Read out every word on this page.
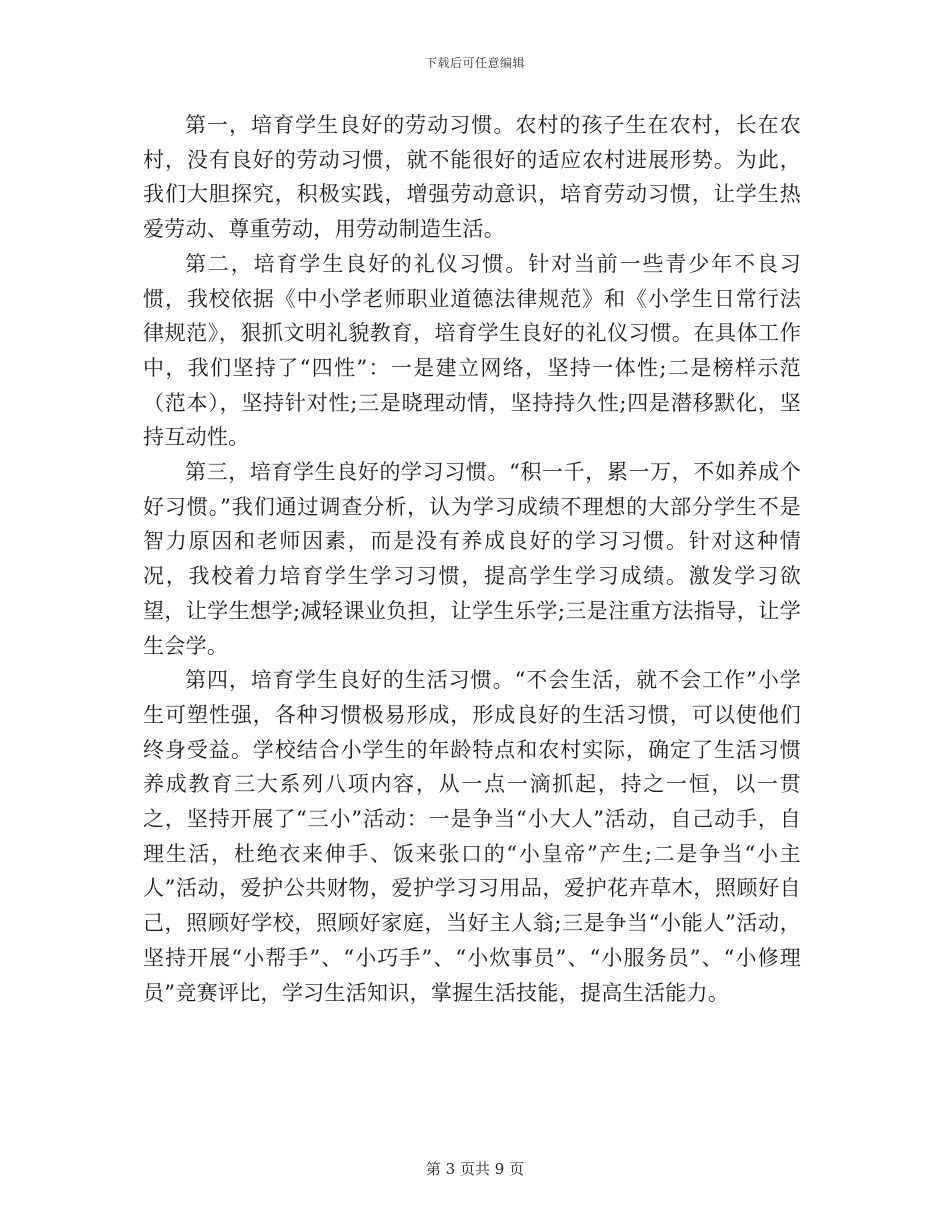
下载后可任意编辑

第一，培育学生良好的劳动习惯。农村的孩子生在农村，长在农村，没有良好的劳动习惯，就不能很好的适应农村进展形势。为此，我们大胆探究，积极实践，增强劳动意识，培育劳动习惯，让学生热爱劳动、尊重劳动，用劳动制造生活。

第二，培育学生良好的礼仪习惯。针对当前一些青少年不良习惯，我校依据《中小学老师职业道德法律规范》和《小学生日常行法律规范》，狠抓文明礼貌教育，培育学生良好的礼仪习惯。在具体工作中，我们坚持了“四性”：一是建立网络，坚持一体性;二是榜样示范（范本），坚持针对性;三是晓理动情，坚持持久性;四是潜移默化，坚持互动性。

第三，培育学生良好的学习习惯。“积一千，累一万，不如养成个好习惯。”我们通过调查分析，认为学习成绩不理想的大部分学生不是智力原因和老师因素，而是没有养成良好的学习习惯。针对这种情况，我校着力培育学生学习习惯，提高学生学习成绩。激发学习欲望，让学生想学;减轻课业负担，让学生乐学;三是注重方法指导，让学生会学。

第四，培育学生良好的生活习惯。“不会生活，就不会工作”小学生可塑性强，各种习惯极易形成，形成良好的生活习惯，可以使他们终身受益。学校结合小学生的年龄特点和农村实际，确定了生活习惯养成教育三大系列八项内容，从一点一滴抓起，持之一恒，以一贯之，坚持开展了“三小”活动：一是争当“小大人”活动，自己动手，自理生活，杜绝衣来伸手、饭来张口的“小皇帝”产生;二是争当“小主人”活动，爱护公共财物，爱护学习习用品，爱护花卉草木，照顾好自己，照顾好学校，照顾好家庭，当好主人翁;三是争当“小能人”活动，坚持开展“小帮手”、“小巧手”、“小炊事员”、“小服务员”、“小修理员”竞赛评比，学习生活知识，掌握生活技能，提高生活能力。

第 3 页共 9 页
